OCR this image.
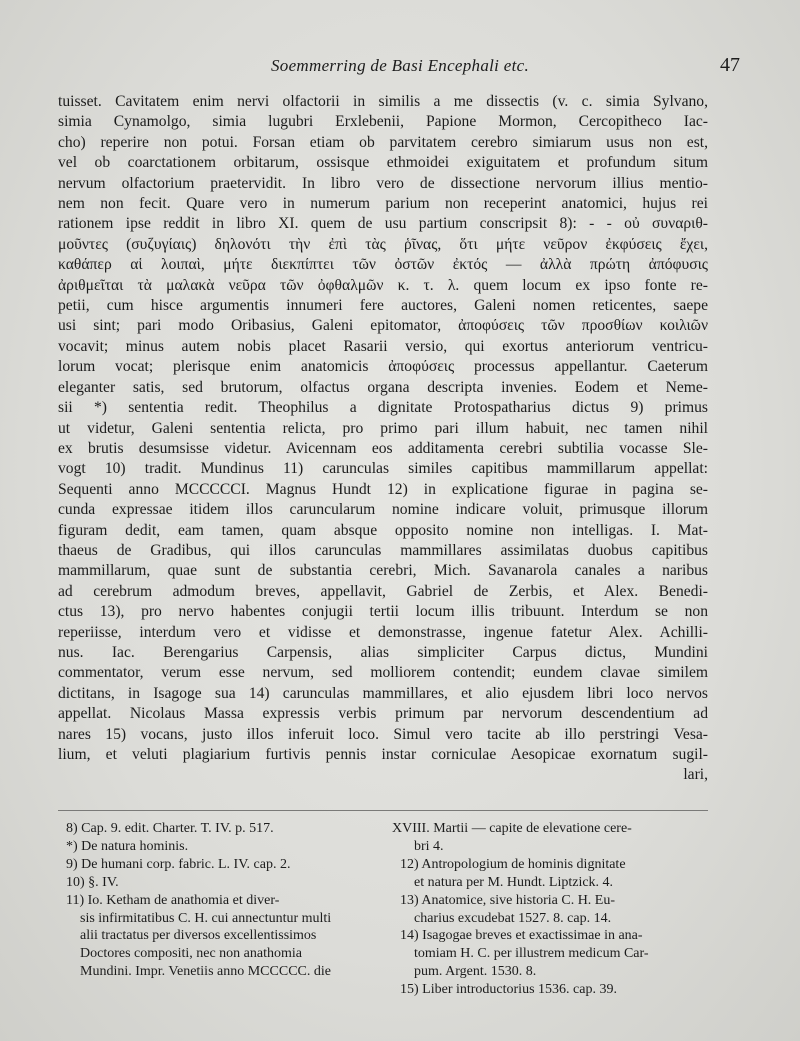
Soemmerring de Basi Encephali etc.	47
tuisset. Cavitatem enim nervi olfactorii in similis a me dissectis (v. c. simia Sylvano,
simia Cynamolgo, simia lugubri Erxlebenii, Papione Mormon, Cercopitheco Iac-
cho) reperire non potui. Forsan etiam ob parvitatem cerebro simiarum usus non est,
vel ob coarctationem orbitarum, ossisque ethmoidei exiguitatem et profundum situm
nervum olfactorium praetervidit. In libro vero de dissectione nervorum illius mentio-
nem non fecit. Quare vero in numerum parium non receperint anatomici, hujus rei
rationem ipse reddit in libro XI. quem de usu partium conscripsit 8): - - οὐ συναριθ-
μοῦντες (συζυγίαις) δηλονότι τὴν ἐπὶ τὰς ῥῖνας, ὅτι μήτε νεῦρον ἐκφύσεις ἔχει,
καθάπερ αἱ λοιπαὶ, μήτε διεκπίπτει τῶν ὀστῶν ἐκτός — ἀλλὰ πρώτη ἀπόφυσις
ἀριθμεῖται τὰ μαλακὰ νεῦρα τῶν ὀφθαλμῶν κ. τ. λ. quem locum ex ipso fonte re-
petii, cum hisce argumentis innumeri fere auctores, Galeni nomen reticentes, saepe
usi sint; pari modo Oribasius, Galeni epitomator, ἀποφύσεις τῶν προσθίων κοιλιῶν
vocavit; minus autem nobis placet Rasarii versio, qui exortus anteriorum ventricu-
lorum vocat; plerisque enim anatomicis ἀποφύσεις processus appellantur. Caeterum
eleganter satis, sed brutorum, olfactus organa descripta invenies. Eodem et Neme-
sii *) sententia redit. Theophilus a dignitate Protospatharius dictus 9) primus
ut videtur, Galeni sententia relicta, pro primo pari illum habuit, nec tamen nihil
ex brutis desumsisse videtur. Avicennam eos additamenta cerebri subtilia vocasse Sle-
vogt 10) tradit. Mundinus 11) carunculas similes capitibus mammillarum appellat:
Sequenti anno MCCCCCI. Magnus Hundt 12) in explicatione figurae in pagina se-
cunda expressae itidem illos caruncularum nomine indicare voluit, primusque illorum
figuram dedit, eam tamen, quam absque opposito nomine non intelligas. I. Mat-
thaeus de Gradibus, qui illos carunculas mammillares assimilatas duobus capitibus
mammillarum, quae sunt de substantia cerebri, Mich. Savanarola canales a naribus
ad cerebrum admodum breves, appellavit, Gabriel de Zerbis, et Alex. Benedi-
ctus 13), pro nervo habentes conjugii tertii locum illis tribuunt. Interdum se non
reperiisse, interdum vero et vidisse et demonstrasse, ingenue fatetur Alex. Achilli-
nus. Iac. Berengarius Carpensis, alias simpliciter Carpus dictus, Mundini
commentator, verum esse nervum, sed molliorem contendit; eundem clavae similem
dictitans, in Isagoge sua 14) carunculas mammillares, et alio ejusdem libri loco nervos
appellat. Nicolaus Massa expressis verbis primum par nervorum descendentium ad
nares 15) vocans, justo illos inferuit loco. Simul vero tacite ab illo perstringi Vesa-
lium, et veluti plagiarium furtivis pennis instar corniculae Aesopicae exornatum sugil-
lari,
8) Cap. 9. edit. Charter. T. IV. p. 517.
*) De natura hominis.
9) De humani corp. fabric. L. IV. cap. 2.
10) §. IV.
11) Io. Ketham de anathomia et diver-
sis infirmitatibus C. H. cui annectuntur multi
alii tractatus per diversos excellentissimos
Doctores compositi, nec non anathomia
Mundini. Impr. Venetiis anno MCCCCC. die
XVIII. Martii — capite de elevatione cere-
bri 4.
12) Antropologium de hominis dignitate
et natura per M. Hundt. Liptzick. 4.
13) Anatomice, sive historia C. H. Eu-
charius excudebat 1527. 8. cap. 14.
14) Isagogae breves et exactissimae in ana-
tomiam H. C. per illustrem medicum Car-
pum. Argent. 1530. 8.
15) Liber introductorius 1536. cap. 39.
